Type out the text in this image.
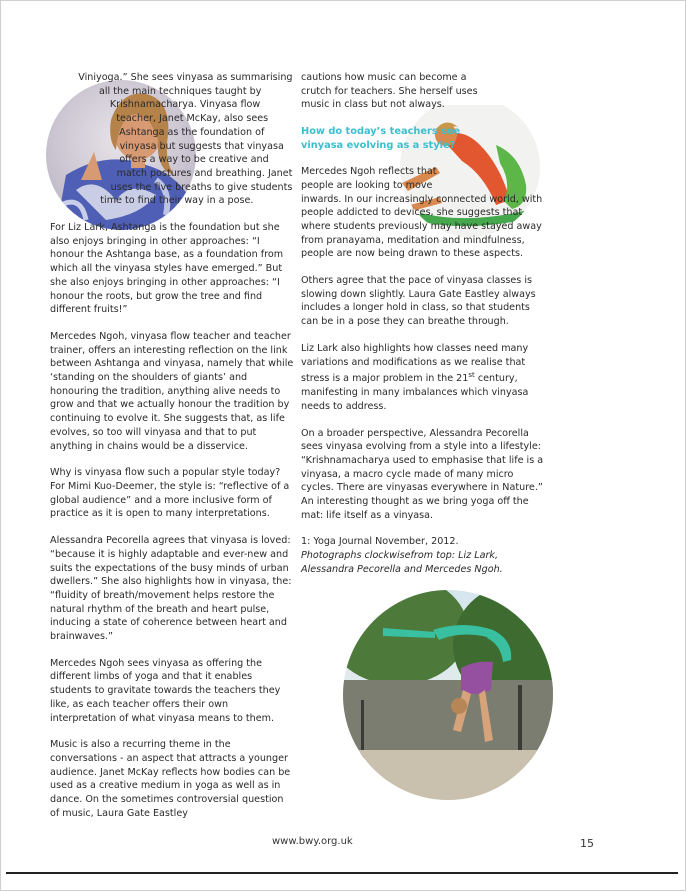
Viniyoga.” She sees vinyasa as summarising all the main techniques taught by Krishnamacharya. Vinyasa flow teacher, Janet McKay, also sees Ashtanga as the foundation of vinyasa but suggests that vinyasa offers a way to be creative and match postures and breathing. Janet uses the five breaths to give students time to find their way in a pose.

For Liz Lark, Ashtanga is the foundation but she also enjoys bringing in other approaches: “I honour the Ashtanga base, as a foundation from which all the vinyasa styles have emerged.” But she also enjoys bringing in other approaches: “I honour the roots, but grow the tree and find different fruits!”

Mercedes Ngoh, vinyasa flow teacher and teacher trainer, offers an interesting reflection on the link between Ashtanga and vinyasa, namely that while ‘standing on the shoulders of giants’ and honouring the tradition, anything alive needs to grow and that we actually honour the tradition by continuing to evolve it. She suggests that, as life evolves, so too will vinyasa and that to put anything in chains would be a disservice.

Why is vinyasa flow such a popular style today? For Mimi Kuo-Deemer, the style is: “reflective of a global audience” and a more inclusive form of practice as it is open to many interpretations.

Alessandra Pecorella agrees that vinyasa is loved: “because it is highly adaptable and ever-new and suits the expectations of the busy minds of urban dwellers.” She also highlights how in vinyasa, the: “fluidity of breath/movement helps restore the natural rhythm of the breath and heart pulse, inducing a state of coherence between heart and brainwaves.”

Mercedes Ngoh sees vinyasa as offering the different limbs of yoga and that it enables students to gravitate towards the teachers they like, as each teacher offers their own interpretation of what vinyasa means to them.

Music is also a recurring theme in the conversations - an aspect that attracts a younger audience. Janet McKay reflects how bodies can be used as a creative medium in yoga as well as in dance. On the sometimes controversial question of music, Laura Gate Eastley

cautions how music can become a crutch for teachers. She herself uses music in class but not always.

How do today’s teachers see vinyasa evolving as a style?

Mercedes Ngoh reflects that people are looking to move inwards. In our increasingly connected world, with people addicted to devices, she suggests that where students previously may have stayed away from pranayama, meditation and mindfulness, people are now being drawn to these aspects.

Others agree that the pace of vinyasa classes is slowing down slightly. Laura Gate Eastley always includes a longer hold in class, so that students can be in a pose they can breathe through.

Liz Lark also highlights how classes need many variations and modifications as we realise that stress is a major problem in the 21st century, manifesting in many imbalances which vinyasa needs to address.

On a broader perspective, Alessandra Pecorella sees vinyasa evolving from a style into a lifestyle: “Krishnamacharya used to emphasise that life is a vinyasa, a macro cycle made of many micro cycles. There are vinyasas everywhere in Nature.” An interesting thought as we bring yoga off the mat: life itself as a vinyasa.

1: Yoga Journal November, 2012.

Photographs clockwisefrom top: Liz Lark, Alessandra Pecorella and Mercedes Ngoh.

www.bwy.org.uk	15
